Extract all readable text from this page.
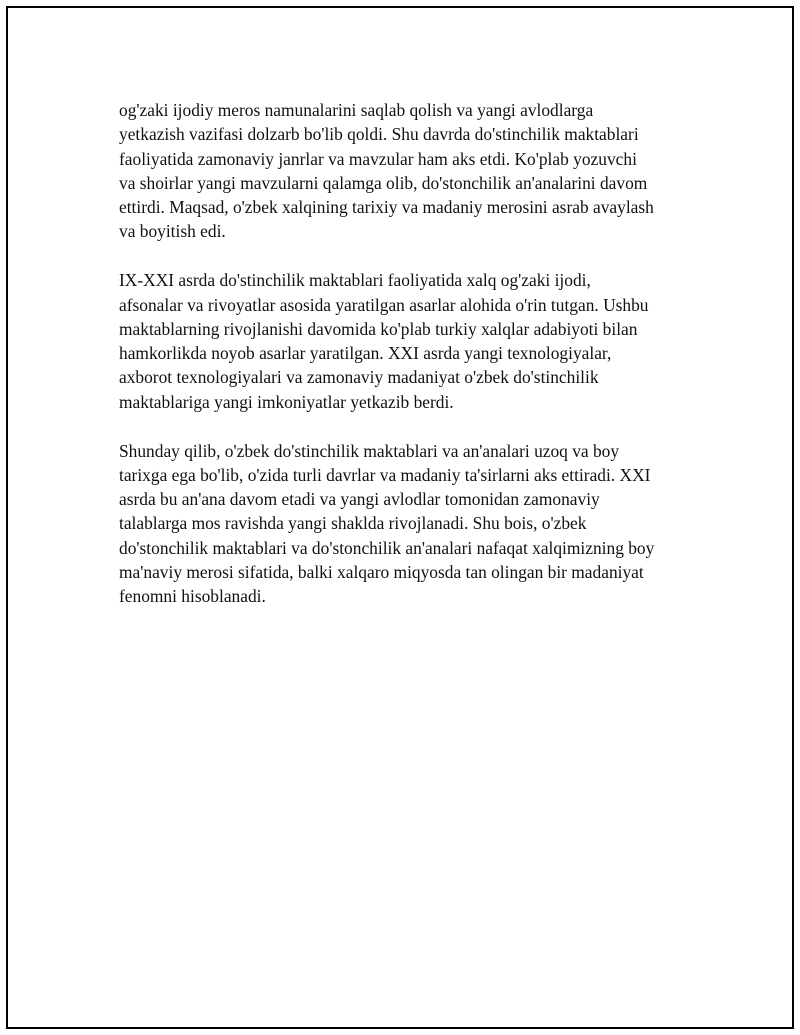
og'zaki ijodiy meros namunalarini saqlab qolish va yangi avlodlarga
yetkazish vazifasi dolzarb bo'lib qoldi. Shu davrda do'stinchilik maktablari
faoliyatida zamonaviy janrlar va mavzular ham aks etdi. Ko'plab yozuvchi
va shoirlar yangi mavzularni qalamga olib, do'stonchilik an'analarini davom
ettirdi. Maqsad, o'zbek xalqining tarixiy va madaniy merosini asrab avaylash
va boyitish edi.

IX-XXI asrda do'stinchilik maktablari faoliyatida xalq og'zaki ijodi,
afsonalar va rivoyatlar asosida yaratilgan asarlar alohida o'rin tutgan. Ushbu
maktablarning rivojlanishi davomida ko'plab turkiy xalqlar adabiyoti bilan
hamkorlikda noyob asarlar yaratilgan. XXI asrda yangi texnologiyalar,
axborot texnologiyalari va zamonaviy madaniyat o'zbek do'stinchilik
maktablariga yangi imkoniyatlar yetkazib berdi.

Shunday qilib, o'zbek do'stinchilik maktablari va an'analari uzoq va boy
tarixga ega bo'lib, o'zida turli davrlar va madaniy ta'sirlarni aks ettiradi. XXI
asrda bu an'ana davom etadi va yangi avlodlar tomonidan zamonaviy
talablarga mos ravishda yangi shaklda rivojlanadi. Shu bois, o'zbek
do'stonchilik maktablari va do'stonchilik an'analari nafaqat xalqimizning boy
ma'naviy merosi sifatida, balki xalqaro miqyosda tan olingan bir madaniyat
fenomni hisoblanadi.
